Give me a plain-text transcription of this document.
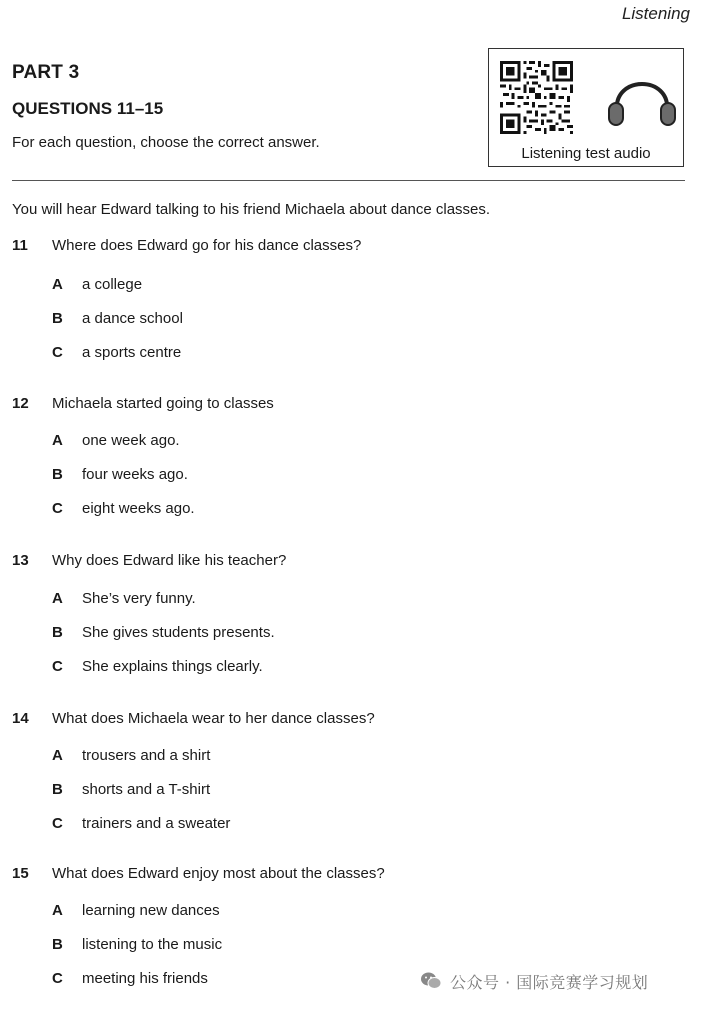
Listening
PART 3
QUESTIONS 11–15
For each question, choose the correct answer.
Listening test audio
You will hear Edward talking to his friend Michaela about dance classes.
11 Where does Edward go for his dance classes?
A a college
B a dance school
C a sports centre
12 Michaela started going to classes
A one week ago.
B four weeks ago.
C eight weeks ago.
13 Why does Edward like his teacher?
A She’s very funny.
B She gives students presents.
C She explains things clearly.
14 What does Michaela wear to her dance classes?
A trousers and a shirt
B shorts and a T-shirt
C trainers and a sweater
15 What does Edward enjoy most about the classes?
A learning new dances
B listening to the music
C meeting his friends	公众号 · 国际竞赛学习规划
